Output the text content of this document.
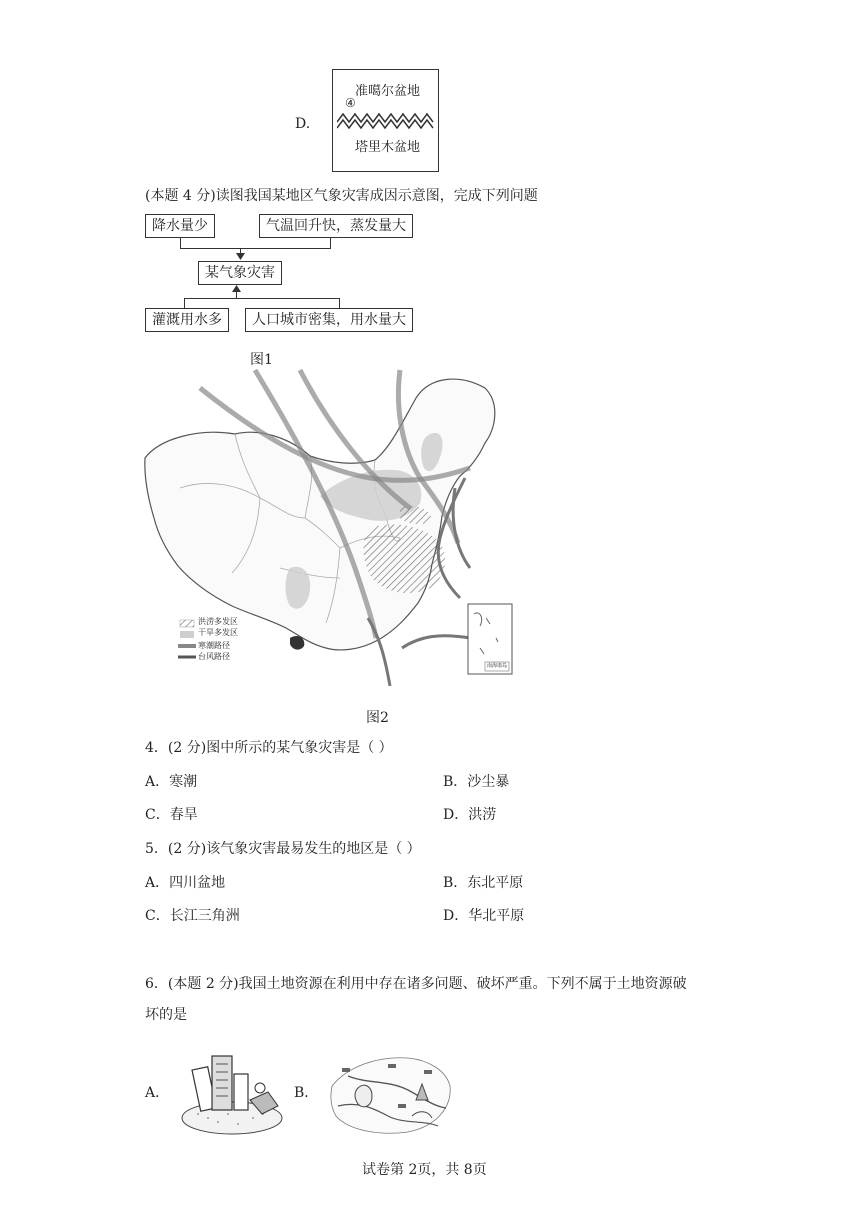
D.
准噶尔盆地
④
塔里木盆地
(本题 4 分)读图我国某地区气象灾害成因示意图，完成下列问题
降水量少	气温回升快，蒸发量大
某气象灾害
灌溉用水多	人口城市密集，用水量大
图1
洪涝多发区
干旱多发区
寒潮路径
台风路径
南海诸岛
图2
4．(2 分)图中所示的某气象灾害是（ ）
A．寒潮	B．沙尘暴
C．春旱	D．洪涝
5．(2 分)该气象灾害最易发生的地区是（ ）
A．四川盆地	B．东北平原
C．长江三角洲	D．华北平原
6．(本题 2 分)我国土地资源在利用中存在诸多问题、破坏严重。下列不属于土地资源破
坏的是
A．	B．
试卷第 2页，共 8页
